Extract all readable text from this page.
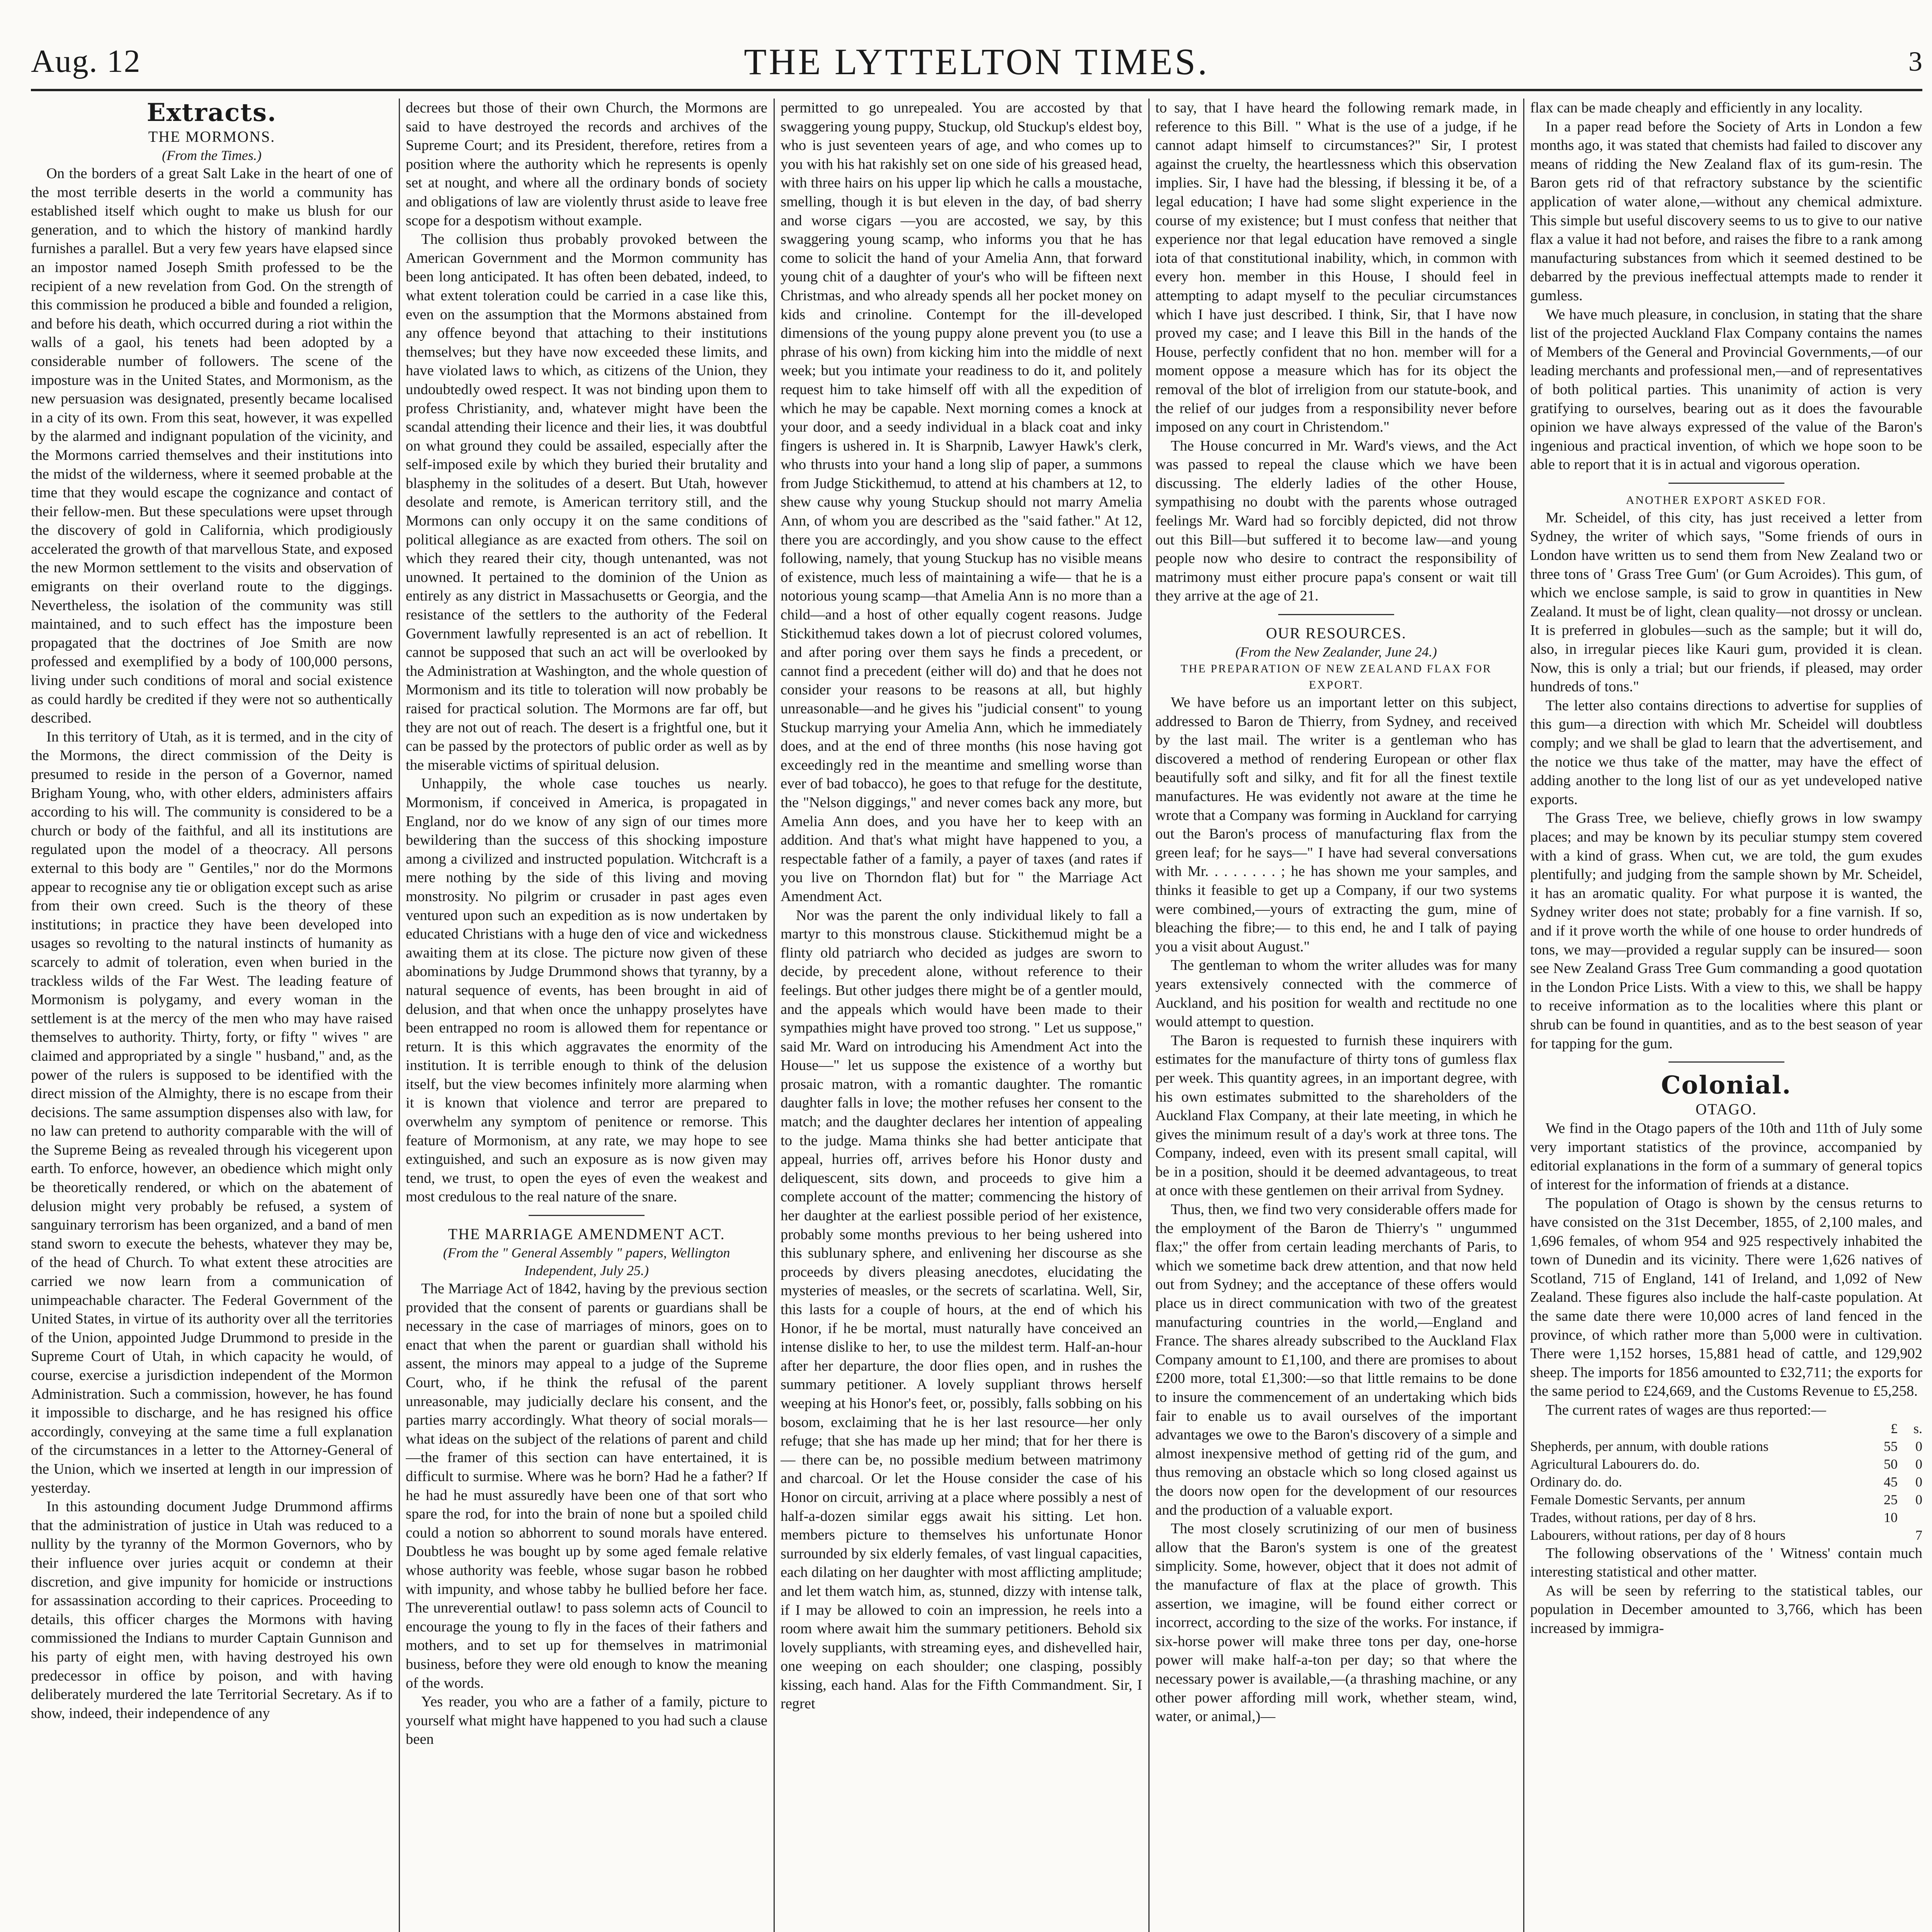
Aug. 12	THE LYTTELTON TIMES.	3
Extracts.
THE MORMONS.
(From the Times.)

On the borders of a great Salt Lake in the heart of one of the most terrible deserts in the world a community has established itself which ought to make us blush for our generation, and to which the history of mankind hardly furnishes a parallel. But a very few years have elapsed since an impostor named Joseph Smith professed to be the recipient of a new revelation from God. On the strength of this commission he produced a bible and founded a religion, and before his death, which occurred during a riot within the walls of a gaol, his tenets had been adopted by a considerable number of followers. The scene of the imposture was in the United States, and Mormonism, as the new persuasion was designated, presently became localised in a city of its own. From this seat, however, it was expelled by the alarmed and indignant population of the vicinity, and the Mormons carried themselves and their institutions into the midst of the wilderness, where it seemed probable at the time that they would escape the cognizance and contact of their fellow-men. But these speculations were upset through the discovery of gold in California, which prodigiously accelerated the growth of that marvellous State, and exposed the new Mormon settlement to the visits and observation of emigrants on their overland route to the diggings. Nevertheless, the isolation of the community was still maintained, and to such effect has the imposture been propagated that the doctrines of Joe Smith are now professed and exemplified by a body of 100,000 persons, living under such conditions of moral and social existence as could hardly be credited if they were not so authentically described.

In this territory of Utah, as it is termed, and in the city of the Mormons, the direct commission of the Deity is presumed to reside in the person of a Governor, named Brigham Young, who, with other elders, administers affairs according to his will. The community is considered to be a church or body of the faithful, and all its institutions are regulated upon the model of a theocracy. All persons external to this body are " Gentiles," nor do the Mormons appear to recognise any tie or obligation except such as arise from their own creed. Such is the theory of these institutions; in practice they have been developed into usages so revolting to the natural instincts of humanity as scarcely to admit of toleration, even when buried in the trackless wilds of the Far West. The leading feature of Mormonism is polygamy, and every woman in the settlement is at the mercy of the men who may have raised themselves to authority. Thirty, forty, or fifty " wives " are claimed and appropriated by a single " husband," and, as the power of the rulers is supposed to be identified with the direct mission of the Almighty, there is no escape from their decisions. The same assumption dispenses also with law, for no law can pretend to authority comparable with the will of the Supreme Being as revealed through his vicegerent upon earth. To enforce, however, an obedience which might only be theoretically rendered, or which on the abatement of delusion might very probably be refused, a system of sanguinary terrorism has been organized, and a band of men stand sworn to execute the behests, whatever they may be, of the head of Church. To what extent these atrocities are carried we now learn from a communication of unimpeachable character. The Federal Government of the United States, in virtue of its authority over all the territories of the Union, appointed Judge Drummond to preside in the Supreme Court of Utah, in which capacity he would, of course, exercise a jurisdiction independent of the Mormon Administration. Such a commission, however, he has found it impossible to discharge, and he has resigned his office accordingly, conveying at the same time a full explanation of the circumstances in a letter to the Attorney-General of the Union, which we inserted at length in our impression of yesterday.

In this astounding document Judge Drummond affirms that the administration of justice in Utah was reduced to a nullity by the tyranny of the Mormon Governors, who by their influence over juries acquit or condemn at their discretion, and give impunity for homicide or instructions for assassination according to their caprices. Proceeding to details, this officer charges the Mormons with having commissioned the Indians to murder Captain Gunnison and his party of eight men, with having destroyed his own predecessor in office by poison, and with having deliberately murdered the late Territorial Secretary. As if to show, indeed, their independence of any

decrees but those of their own Church, the Mormons are said to have destroyed the records and archives of the Supreme Court; and its President, therefore, retires from a position where the authority which he represents is openly set at nought, and where all the ordinary bonds of society and obligations of law are violently thrust aside to leave free scope for a despotism without example.

The collision thus probably provoked between the American Government and the Mormon community has been long anticipated. It has often been debated, indeed, to what extent toleration could be carried in a case like this, even on the assumption that the Mormons abstained from any offence beyond that attaching to their institutions themselves; but they have now exceeded these limits, and have violated laws to which, as citizens of the Union, they undoubtedly owed respect. It was not binding upon them to profess Christianity, and, whatever might have been the scandal attending their licence and their lies, it was doubtful on what ground they could be assailed, especially after the self-imposed exile by which they buried their brutality and blasphemy in the solitudes of a desert. But Utah, however desolate and remote, is American territory still, and the Mormons can only occupy it on the same conditions of political allegiance as are exacted from others. The soil on which they reared their city, though untenanted, was not unowned. It pertained to the dominion of the Union as entirely as any district in Massachusetts or Georgia, and the resistance of the settlers to the authority of the Federal Government lawfully represented is an act of rebellion. It cannot be supposed that such an act will be overlooked by the Administration at Washington, and the whole question of Mormonism and its title to toleration will now probably be raised for practical solution. The Mormons are far off, but they are not out of reach. The desert is a frightful one, but it can be passed by the protectors of public order as well as by the miserable victims of spiritual delusion.

Unhappily, the whole case touches us nearly. Mormonism, if conceived in America, is propagated in England, nor do we know of any sign of our times more bewildering than the success of this shocking imposture among a civilized and instructed population. Witchcraft is a mere nothing by the side of this living and moving monstrosity. No pilgrim or crusader in past ages even ventured upon such an expedition as is now undertaken by educated Christians with a huge den of vice and wickedness awaiting them at its close. The picture now given of these abominations by Judge Drummond shows that tyranny, by a natural sequence of events, has been brought in aid of delusion, and that when once the unhappy proselytes have been entrapped no room is allowed them for repentance or return. It is this which aggravates the enormity of the institution. It is terrible enough to think of the delusion itself, but the view becomes infinitely more alarming when it is known that violence and terror are prepared to overwhelm any symptom of penitence or remorse. This feature of Mormonism, at any rate, we may hope to see extinguished, and such an exposure as is now given may tend, we trust, to open the eyes of even the weakest and most credulous to the real nature of the snare.

THE MARRIAGE AMENDMENT ACT.
(From the " General Assembly " papers, Wellington Independent, July 25.)

The Marriage Act of 1842, having by the previous section provided that the consent of parents or guardians shall be necessary in the case of marriages of minors, goes on to enact that when the parent or guardian shall withold his assent, the minors may appeal to a judge of the Supreme Court, who, if he think the refusal of the parent unreasonable, may judicially declare his consent, and the parties marry accordingly. What theory of social morals—what ideas on the subject of the relations of parent and child—the framer of this section can have entertained, it is difficult to surmise. Where was he born? Had he a father? If he had he must assuredly have been one of that sort who spare the rod, for into the brain of none but a spoiled child could a notion so abhorrent to sound morals have entered. Doubtless he was bought up by some aged female relative whose authority was feeble, whose sugar bason he robbed with impunity, and whose tabby he bullied before her face. The unreverential outlaw! to pass solemn acts of Council to encourage the young to fly in the faces of their fathers and mothers, and to set up for themselves in matrimonial business, before they were old enough to know the meaning of the words.

Yes reader, you who are a father of a family, picture to yourself what might have happened to you had such a clause been

permitted to go unrepealed. You are accosted by that swaggering young puppy, Stuckup, old Stuckup's eldest boy, who is just seventeen years of age, and who comes up to you with his hat rakishly set on one side of his greased head, with three hairs on his upper lip which he calls a moustache, smelling, though it is but eleven in the day, of bad sherry and worse cigars —you are accosted, we say, by this swaggering young scamp, who informs you that he has come to solicit the hand of your Amelia Ann, that forward young chit of a daughter of your's who will be fifteen next Christmas, and who already spends all her pocket money on kids and crinoline. Contempt for the ill-developed dimensions of the young puppy alone prevent you (to use a phrase of his own) from kicking him into the middle of next week; but you intimate your readiness to do it, and politely request him to take himself off with all the expedition of which he may be capable. Next morning comes a knock at your door, and a seedy individual in a black coat and inky fingers is ushered in. It is Sharpnib, Lawyer Hawk's clerk, who thrusts into your hand a long slip of paper, a summons from Judge Stickithemud, to attend at his chambers at 12, to shew cause why young Stuckup should not marry Amelia Ann, of whom you are described as the "said father." At 12, there you are accordingly, and you show cause to the effect following, namely, that young Stuckup has no visible means of existence, much less of maintaining a wife— that he is a notorious young scamp—that Amelia Ann is no more than a child—and a host of other equally cogent reasons. Judge Stickithemud takes down a lot of piecrust colored volumes, and after poring over them says he finds a precedent, or cannot find a precedent (either will do) and that he does not consider your reasons to be reasons at all, but highly unreasonable—and he gives his "judicial consent" to young Stuckup marrying your Amelia Ann, which he immediately does, and at the end of three months (his nose having got exceedingly red in the meantime and smelling worse than ever of bad tobacco), he goes to that refuge for the destitute, the "Nelson diggings," and never comes back any more, but Amelia Ann does, and you have her to keep with an addition. And that's what might have happened to you, a respectable father of a family, a payer of taxes (and rates if you live on Thorndon flat) but for " the Marriage Act Amendment Act.

Nor was the parent the only individual likely to fall a martyr to this monstrous clause. Stickithemud might be a flinty old patriarch who decided as judges are sworn to decide, by precedent alone, without reference to their feelings. But other judges there might be of a gentler mould, and the appeals which would have been made to their sympathies might have proved too strong. " Let us suppose," said Mr. Ward on introducing his Amendment Act into the House—" let us suppose the existence of a worthy but prosaic matron, with a romantic daughter. The romantic daughter falls in love; the mother refuses her consent to the match; and the daughter declares her intention of appealing to the judge. Mama thinks she had better anticipate that appeal, hurries off, arrives before his Honor dusty and deliquescent, sits down, and proceeds to give him a complete account of the matter; commencing the history of her daughter at the earliest possible period of her existence, probably some months previous to her being ushered into this sublunary sphere, and enlivening her discourse as she proceeds by divers pleasing anecdotes, elucidating the mysteries of measles, or the secrets of scarlatina. Well, Sir, this lasts for a couple of hours, at the end of which his Honor, if he be mortal, must naturally have conceived an intense dislike to her, to use the mildest term. Half-an-hour after her departure, the door flies open, and in rushes the summary petitioner. A lovely suppliant throws herself weeping at his Honor's feet, or, possibly, falls sobbing on his bosom, exclaiming that he is her last resource—her only refuge; that she has made up her mind; that for her there is— there can be, no possible medium between matrimony and charcoal. Or let the House consider the case of his Honor on circuit, arriving at a place where possibly a nest of half-a-dozen similar eggs await his sitting. Let hon. members picture to themselves his unfortunate Honor surrounded by six elderly females, of vast lingual capacities, each dilating on her daughter with most afflicting amplitude; and let them watch him, as, stunned, dizzy with intense talk, if I may be allowed to coin an impression, he reels into a room where await him the summary petitioners. Behold six lovely suppliants, with streaming eyes, and dishevelled hair, one weeping on each shoulder; one clasping, possibly kissing, each hand. Alas for the Fifth Commandment. Sir, I regret

to say, that I have heard the following remark made, in reference to this Bill. " What is the use of a judge, if he cannot adapt himself to circumstances?" Sir, I protest against the cruelty, the heartlessness which this observation implies. Sir, I have had the blessing, if blessing it be, of a legal education; I have had some slight experience in the course of my existence; but I must confess that neither that experience nor that legal education have removed a single iota of that constitutional inability, which, in common with every hon. member in this House, I should feel in attempting to adapt myself to the peculiar circumstances which I have just described. I think, Sir, that I have now proved my case; and I leave this Bill in the hands of the House, perfectly confident that no hon. member will for a moment oppose a measure which has for its object the removal of the blot of irreligion from our statute-book, and the relief of our judges from a responsibility never before imposed on any court in Christendom."

The House concurred in Mr. Ward's views, and the Act was passed to repeal the clause which we have been discussing. The elderly ladies of the other House, sympathising no doubt with the parents whose outraged feelings Mr. Ward had so forcibly depicted, did not throw out this Bill—but suffered it to become law—and young people now who desire to contract the responsibility of matrimony must either procure papa's consent or wait till they arrive at the age of 21.

OUR RESOURCES.
(From the New Zealander, June 24.)
THE PREPARATION OF NEW ZEALAND FLAX FOR EXPORT.

We have before us an important letter on this subject, addressed to Baron de Thierry, from Sydney, and received by the last mail. The writer is a gentleman who has discovered a method of rendering European or other flax beautifully soft and silky, and fit for all the finest textile manufactures. He was evidently not aware at the time he wrote that a Company was forming in Auckland for carrying out the Baron's process of manufacturing flax from the green leaf; for he says—" I have had several conversations with Mr. . . . . . . . ; he has shown me your samples, and thinks it feasible to get up a Company, if our two systems were combined,—yours of extracting the gum, mine of bleaching the fibre;— to this end, he and I talk of paying you a visit about August."

The gentleman to whom the writer alludes was for many years extensively connected with the commerce of Auckland, and his position for wealth and rectitude no one would attempt to question.

The Baron is requested to furnish these inquirers with estimates for the manufacture of thirty tons of gumless flax per week. This quantity agrees, in an important degree, with his own estimates submitted to the shareholders of the Auckland Flax Company, at their late meeting, in which he gives the minimum result of a day's work at three tons. The Company, indeed, even with its present small capital, will be in a position, should it be deemed advantageous, to treat at once with these gentlemen on their arrival from Sydney.

Thus, then, we find two very considerable offers made for the employment of the Baron de Thierry's " ungummed flax;" the offer from certain leading merchants of Paris, to which we sometime back drew attention, and that now held out from Sydney; and the acceptance of these offers would place us in direct communication with two of the greatest manufacturing countries in the world,—England and France. The shares already subscribed to the Auckland Flax Company amount to £1,100, and there are promises to about £200 more, total £1,300:—so that little remains to be done to insure the commencement of an undertaking which bids fair to enable us to avail ourselves of the important advantages we owe to the Baron's discovery of a simple and almost inexpensive method of getting rid of the gum, and thus removing an obstacle which so long closed against us the doors now open for the development of our resources and the production of a valuable export.

The most closely scrutinizing of our men of business allow that the Baron's system is one of the greatest simplicity. Some, however, object that it does not admit of the manufacture of flax at the place of growth. This assertion, we imagine, will be found either correct or incorrect, according to the size of the works. For instance, if six-horse power will make three tons per day, one-horse power will make half-a-ton per day; so that where the necessary power is available,—(a thrashing machine, or any other power affording mill work, whether steam, wind, water, or animal,)—

flax can be made cheaply and efficiently in any locality.

In a paper read before the Society of Arts in London a few months ago, it was stated that chemists had failed to discover any means of ridding the New Zealand flax of its gum-resin. The Baron gets rid of that refractory substance by the scientific application of water alone,—without any chemical admixture. This simple but useful discovery seems to us to give to our native flax a value it had not before, and raises the fibre to a rank among manufacturing substances from which it seemed destined to be debarred by the previous ineffectual attempts made to render it gumless.

We have much pleasure, in conclusion, in stating that the share list of the projected Auckland Flax Company contains the names of Members of the General and Provincial Governments,—of our leading merchants and professional men,—and of representatives of both political parties. This unanimity of action is very gratifying to ourselves, bearing out as it does the favourable opinion we have always expressed of the value of the Baron's ingenious and practical invention, of which we hope soon to be able to report that it is in actual and vigorous operation.

ANOTHER EXPORT ASKED FOR.

Mr. Scheidel, of this city, has just received a letter from Sydney, the writer of which says, "Some friends of ours in London have written us to send them from New Zealand two or three tons of ' Grass Tree Gum' (or Gum Acroides). This gum, of which we enclose sample, is said to grow in quantities in New Zealand. It must be of light, clean quality—not drossy or unclean. It is preferred in globules—such as the sample; but it will do, also, in irregular pieces like Kauri gum, provided it is clean. Now, this is only a trial; but our friends, if pleased, may order hundreds of tons."

The letter also contains directions to advertise for supplies of this gum—a direction with which Mr. Scheidel will doubtless comply; and we shall be glad to learn that the advertisement, and the notice we thus take of the matter, may have the effect of adding another to the long list of our as yet undeveloped native exports.

The Grass Tree, we believe, chiefly grows in low swampy places; and may be known by its peculiar stumpy stem covered with a kind of grass. When cut, we are told, the gum exudes plentifully; and judging from the sample shown by Mr. Scheidel, it has an aromatic quality. For what purpose it is wanted, the Sydney writer does not state; probably for a fine varnish. If so, and if it prove worth the while of one house to order hundreds of tons, we may—provided a regular supply can be insured— soon see New Zealand Grass Tree Gum commanding a good quotation in the London Price Lists. With a view to this, we shall be happy to receive information as to the localities where this plant or shrub can be found in quantities, and as to the best season of year for tapping for the gum.

Colonial.
OTAGO.

We find in the Otago papers of the 10th and 11th of July some very important statistics of the province, accompanied by editorial explanations in the form of a summary of general topics of interest for the information of friends at a distance.

The population of Otago is shown by the census returns to have consisted on the 31st December, 1855, of 2,100 males, and 1,696 females, of whom 954 and 925 respectively inhabited the town of Dunedin and its vicinity. There were 1,626 natives of Scotland, 715 of England, 141 of Ireland, and 1,092 of New Zealand. These figures also include the half-caste population. At the same date there were 10,000 acres of land fenced in the province, of which rather more than 5,000 were in cultivation. There were 1,152 horses, 15,881 head of cattle, and 129,902 sheep. The imports for 1856 amounted to £32,711; the exports for the same period to £24,669, and the Customs Revenue to £5,258.

The current rates of wages are thus reported:—

	£	s.
Shepherds, per annum, with double rations	55	0
Agricultural Labourers do. do.	50	0
Ordinary do. do.	45	0
Female Domestic Servants, per annum	25	0
Trades, without rations, per day of 8 hrs.	10	
Labourers, without rations, per day of 8 hours		7

The following observations of the ' Witness' contain much interesting statistical and other matter.

As will be seen by referring to the statistical tables, our population in December amounted to 3,766, which has been increased by immigra-
